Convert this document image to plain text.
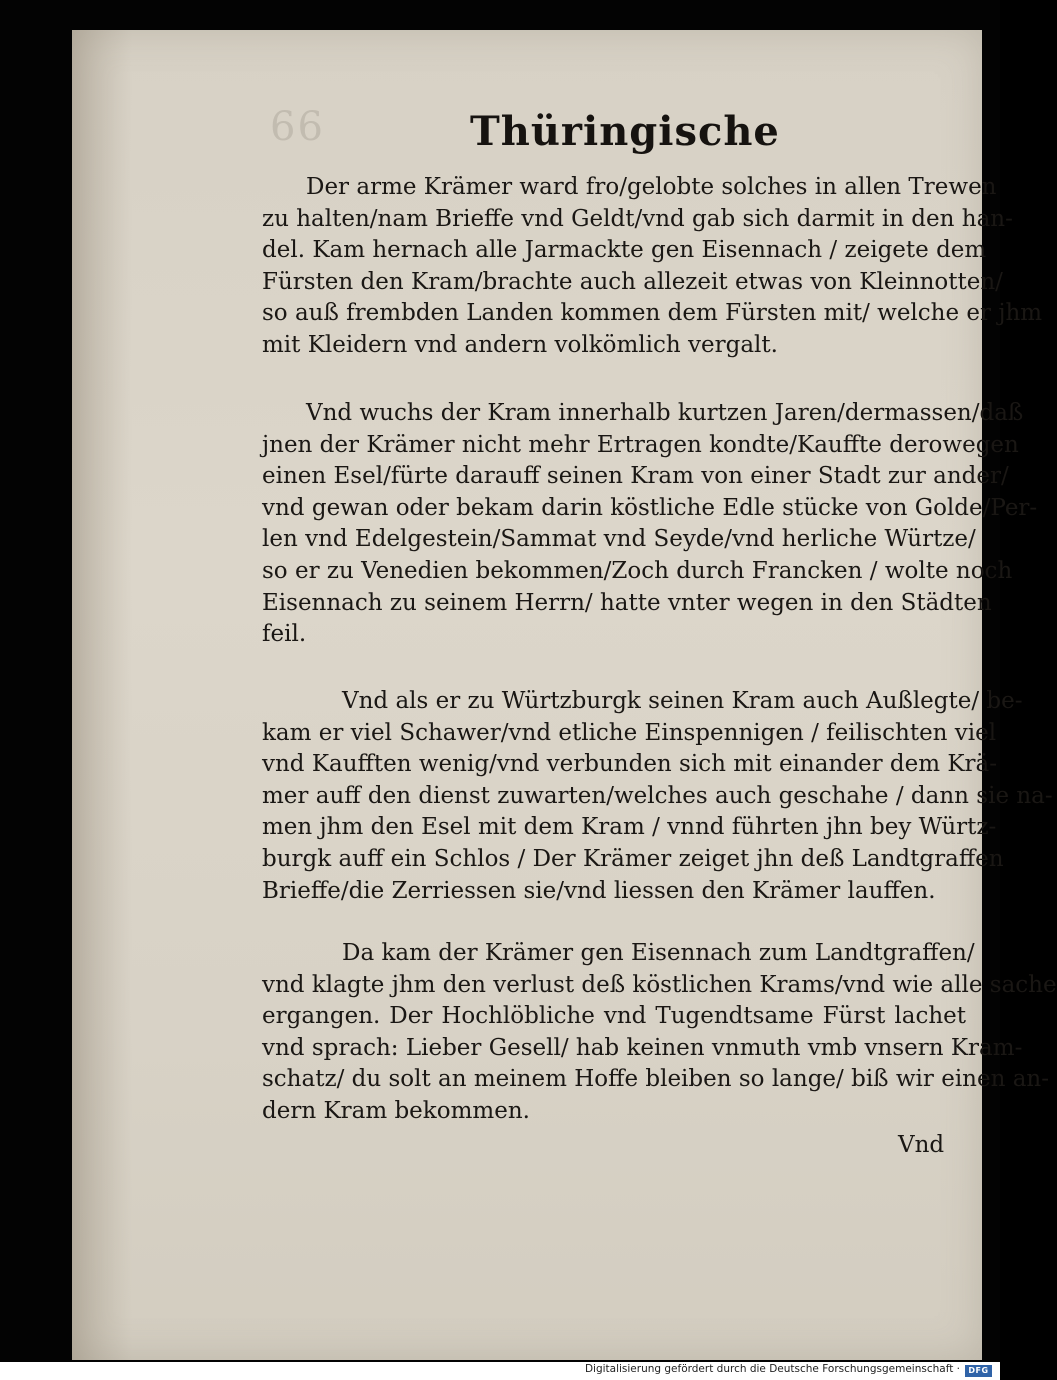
66	Thüringische
Der arme Krämer ward fro/gelobte solches in allen Trewen
zu halten/nam Brieffe vnd Geldt/vnd gab sich darmit in den han-
del. Kam hernach alle Jarmackte gen Eisennach / zeigete dem
Fürsten den Kram/brachte auch allezeit etwas von Kleinnotten/
so auß frembden Landen kommen dem Fürsten mit/ welche er jhm
mit Kleidern vnd andern volkömlich vergalt.
Vnd wuchs der Kram innerhalb kurtzen Jaren/dermassen/daß
jnen der Krämer nicht mehr Ertragen kondte/Kauffte derowegen
einen Esel/fürte darauff seinen Kram von einer Stadt zur ander/
vnd gewan oder bekam darin köstliche Edle stücke von Golde/Per-
len vnd Edelgestein/Sammat vnd Seyde/vnd herliche Würtze/
so er zu Venedien bekommen/Zoch durch Francken / wolte noch
Eisennach zu seinem Herrn/ hatte vnter wegen in den Städten
feil.
Vnd als er zu Würtzburgk seinen Kram auch Außlegte/ be-
kam er viel Schawer/vnd etliche Einspennigen / feilischten viel
vnd Kaufften wenig/vnd verbunden sich mit einander dem Krä-
mer auff den dienst zuwarten/welches auch geschahe / dann sie na-
men jhm den Esel mit dem Kram / vnnd führten jhn bey Würtz-
burgk auff ein Schlos / Der Krämer zeiget jhn deß Landtgraffen
Brieffe/die Zerriessen sie/vnd liessen den Krämer lauffen.
Da kam der Krämer gen Eisennach zum Landtgraffen/
vnd klagte jhm den verlust deß köstlichen Krams/vnd wie alle sache
ergangen. Der Hochlöbliche vnd Tugendtsame Fürst lachet
vnd sprach: Lieber Gesell/ hab keinen vnmuth vmb vnsern Kram-
schatz/ du solt an meinem Hoffe bleiben so lange/ biß wir einen an-
dern Kram bekommen.
Vnd
Digitalisierung gefördert durch die Deutsche Forschungsgemeinschaft ·	DFG
